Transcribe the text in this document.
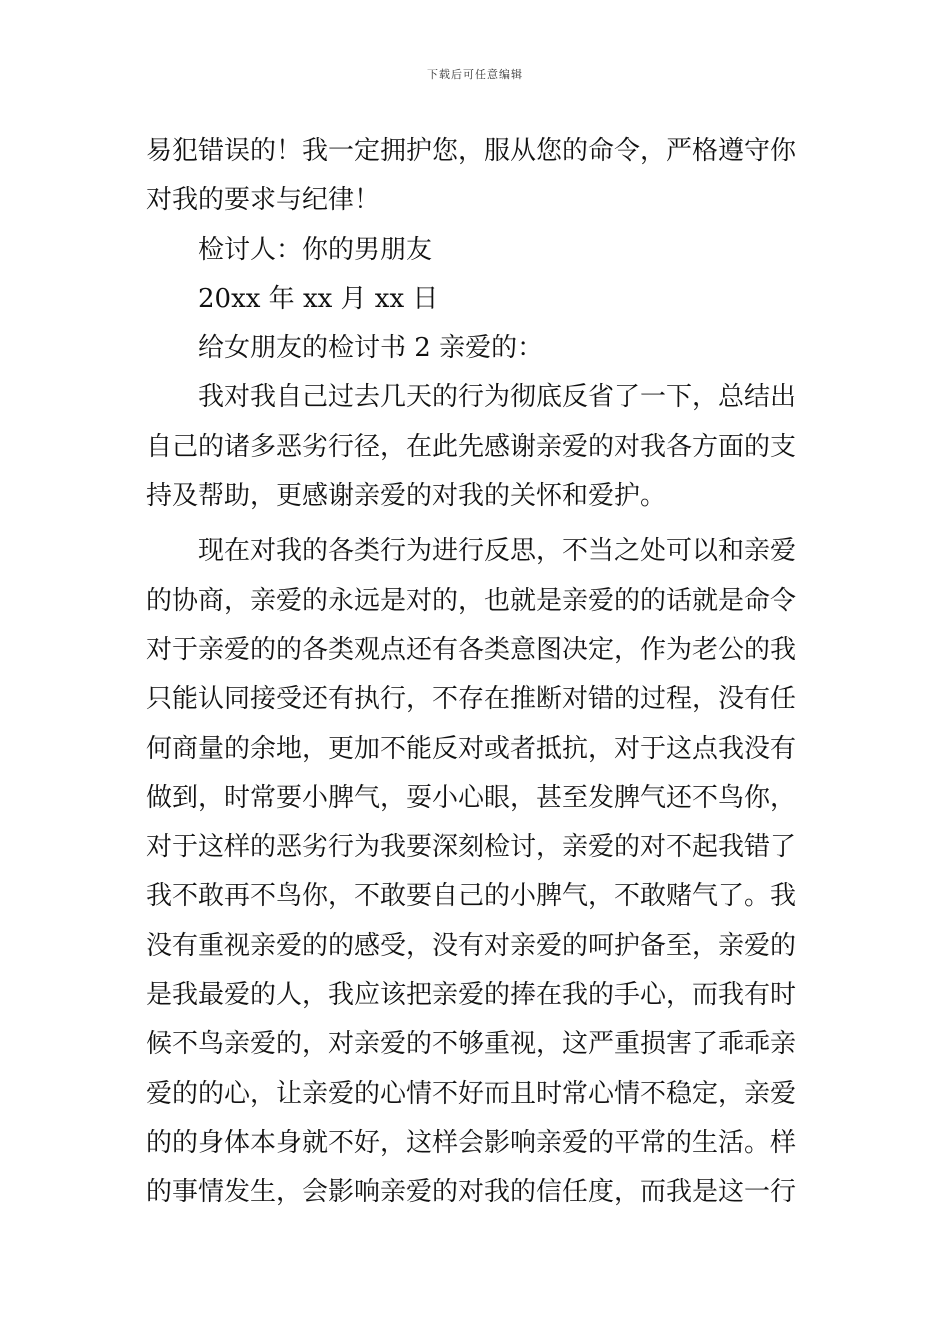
下载后可任意编辑
易犯错误的！我一定拥护您，服从您的命令，严格遵守你
对我的要求与纪律！
检讨人：你的男朋友
20xx 年 xx 月 xx 日
给女朋友的检讨书 2 亲爱的：
我对我自己过去几天的行为彻底反省了一下，总结出
自己的诸多恶劣行径，在此先感谢亲爱的对我各方面的支
持及帮助，更感谢亲爱的对我的关怀和爱护。
现在对我的各类行为进行反思，不当之处可以和亲爱
的协商，亲爱的永远是对的，也就是亲爱的的话就是命令
对于亲爱的的各类观点还有各类意图决定，作为老公的我
只能认同接受还有执行，不存在推断对错的过程，没有任
何商量的余地，更加不能反对或者抵抗，对于这点我没有
做到，时常要小脾气，耍小心眼，甚至发脾气还不鸟你，
对于这样的恶劣行为我要深刻检讨，亲爱的对不起我错了
我不敢再不鸟你，不敢要自己的小脾气，不敢赌气了。我
没有重视亲爱的的感受，没有对亲爱的呵护备至，亲爱的
是我最爱的人，我应该把亲爱的捧在我的手心，而我有时
候不鸟亲爱的，对亲爱的不够重视，这严重损害了乖乖亲
爱的的心，让亲爱的心情不好而且时常心情不稳定，亲爱
的的身体本身就不好，这样会影响亲爱的平常的生活。样
的事情发生，会影响亲爱的对我的信任度，而我是这一行
